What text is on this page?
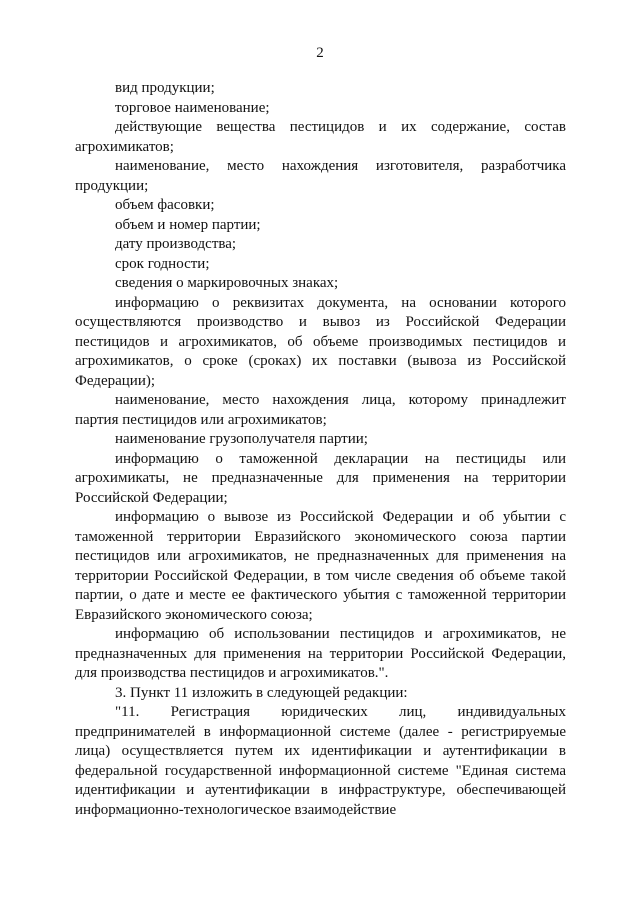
2

вид продукции;

торговое наименование;

действующие вещества пестицидов и их содержание, состав агрохимикатов;

наименование, место нахождения изготовителя, разработчика продукции;

объем фасовки;

объем и номер партии;

дату производства;

срок годности;

сведения о маркировочных знаках;

информацию о реквизитах документа, на основании которого осуществляются производство и вывоз из Российской Федерации пестицидов и агрохимикатов, об объеме производимых пестицидов и агрохимикатов, о сроке (сроках) их поставки (вывоза из Российской Федерации);

наименование, место нахождения лица, которому принадлежит партия пестицидов или агрохимикатов;

наименование грузополучателя партии;

информацию о таможенной декларации на пестициды или агрохимикаты, не предназначенные для применения на территории Российской Федерации;

информацию о вывозе из Российской Федерации и об убытии с таможенной территории Евразийского экономического союза партии пестицидов или агрохимикатов, не предназначенных для применения на территории Российской Федерации, в том числе сведения об объеме такой партии, о дате и месте ее фактического убытия с таможенной территории Евразийского экономического союза;

информацию об использовании пестицидов и агрохимикатов, не предназначенных для применения на территории Российской Федерации, для производства пестицидов и агрохимикатов.".

3. Пункт 11 изложить в следующей редакции:

"11. Регистрация юридических лиц, индивидуальных предпринимателей в информационной системе (далее - регистрируемые лица) осуществляется путем их идентификации и аутентификации в федеральной государственной информационной системе "Единая система идентификации и аутентификации в инфраструктуре, обеспечивающей информационно-технологическое взаимодействие
